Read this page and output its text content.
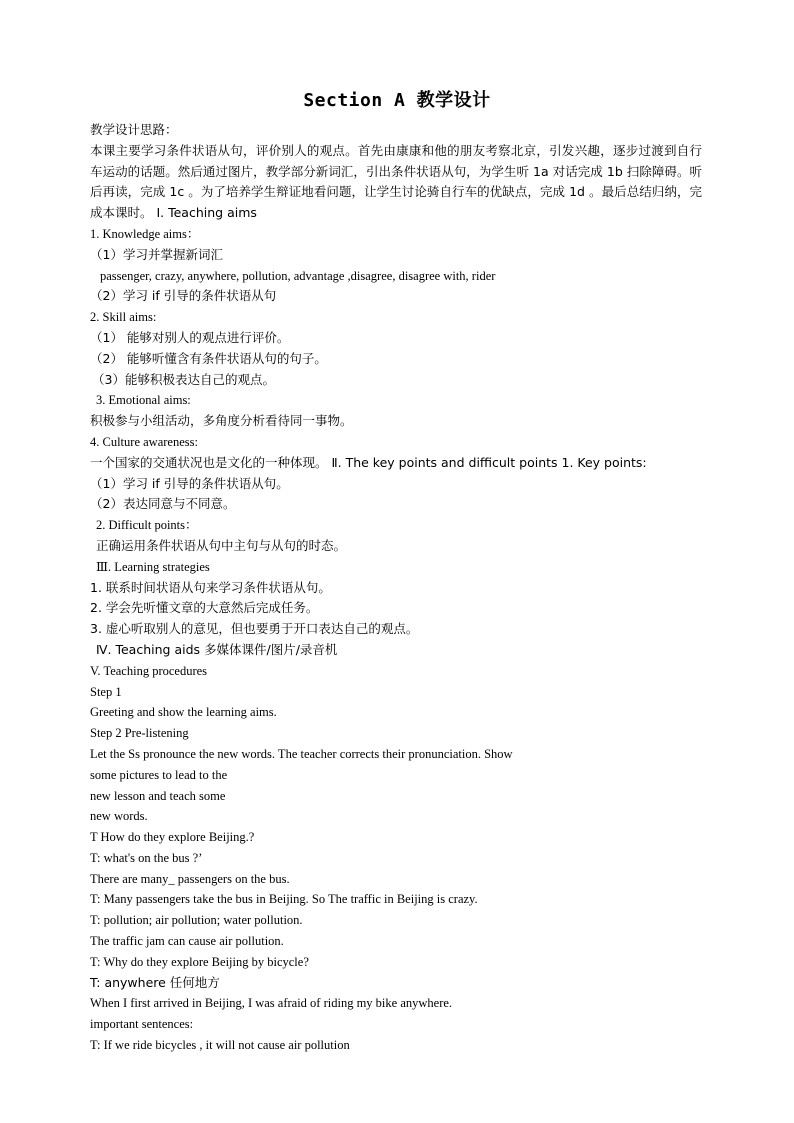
Section A 教学设计
教学设计思路：
本课主要学习条件状语从句，评价别人的观点。首先由康康和他的朋友考察北京，引发兴趣，逐步过渡到自行车运动的话题。然后通过图片，教学部分新词汇，引出条件状语从句，为学生听 1a 对话完成 1b 扫除障碍。听后再读，完成 1c 。为了培养学生辩证地看问题，让学生讨论骑自行车的优缺点，完成 1d 。最后总结归纳，完成本课时。 Ⅰ. Teaching aims
1. Knowledge aims：
（1）学习并掌握新词汇
passenger, crazy, anywhere, pollution, advantage ,disagree, disagree with, rider
（2）学习 if 引导的条件状语从句
2. Skill aims:
（1） 能够对别人的观点进行评价。
（2） 能够听懂含有条件状语从句的句子。
（3）能够积极表达自己的观点。
3. Emotional aims:
积极参与小组活动，多角度分析看待同一事物。
4. Culture awareness:
一个国家的交通状况也是文化的一种体现。 Ⅱ. The key points and difficult points 1. Key points:
（1）学习 if 引导的条件状语从句。
（2）表达同意与不同意。
2. Difficult points：
正确运用条件状语从句中主句与从句的时态。
Ⅲ. Learning strategies
1. 联系时间状语从句来学习条件状语从句。
2. 学会先听懂文章的大意然后完成任务。
3. 虚心听取别人的意见，但也要勇于开口表达自己的观点。
Ⅳ. Teaching aids 多媒体课件/图片/录音机
V. Teaching procedures
Step 1
Greeting and show the learning aims.
Step 2 Pre-listening
Let the Ss pronounce the new words. The teacher corrects their pronunciation. Show
some pictures to lead to the
new lesson and teach some
new words.
T How do they explore Beijing.?
T: what's on the bus ?’
There are many_ passengers on the bus.
T: Many passengers take the bus in Beijing. So The traffic in Beijing is crazy.
T: pollution; air pollution; water pollution.
The traffic jam can cause air pollution.
T: Why do they explore Beijing by bicycle?
T: anywhere 任何地方
When I first arrived in Beijing, I was afraid of riding my bike anywhere.
important sentences:
T: If we ride bicycles , it will not cause air pollution
